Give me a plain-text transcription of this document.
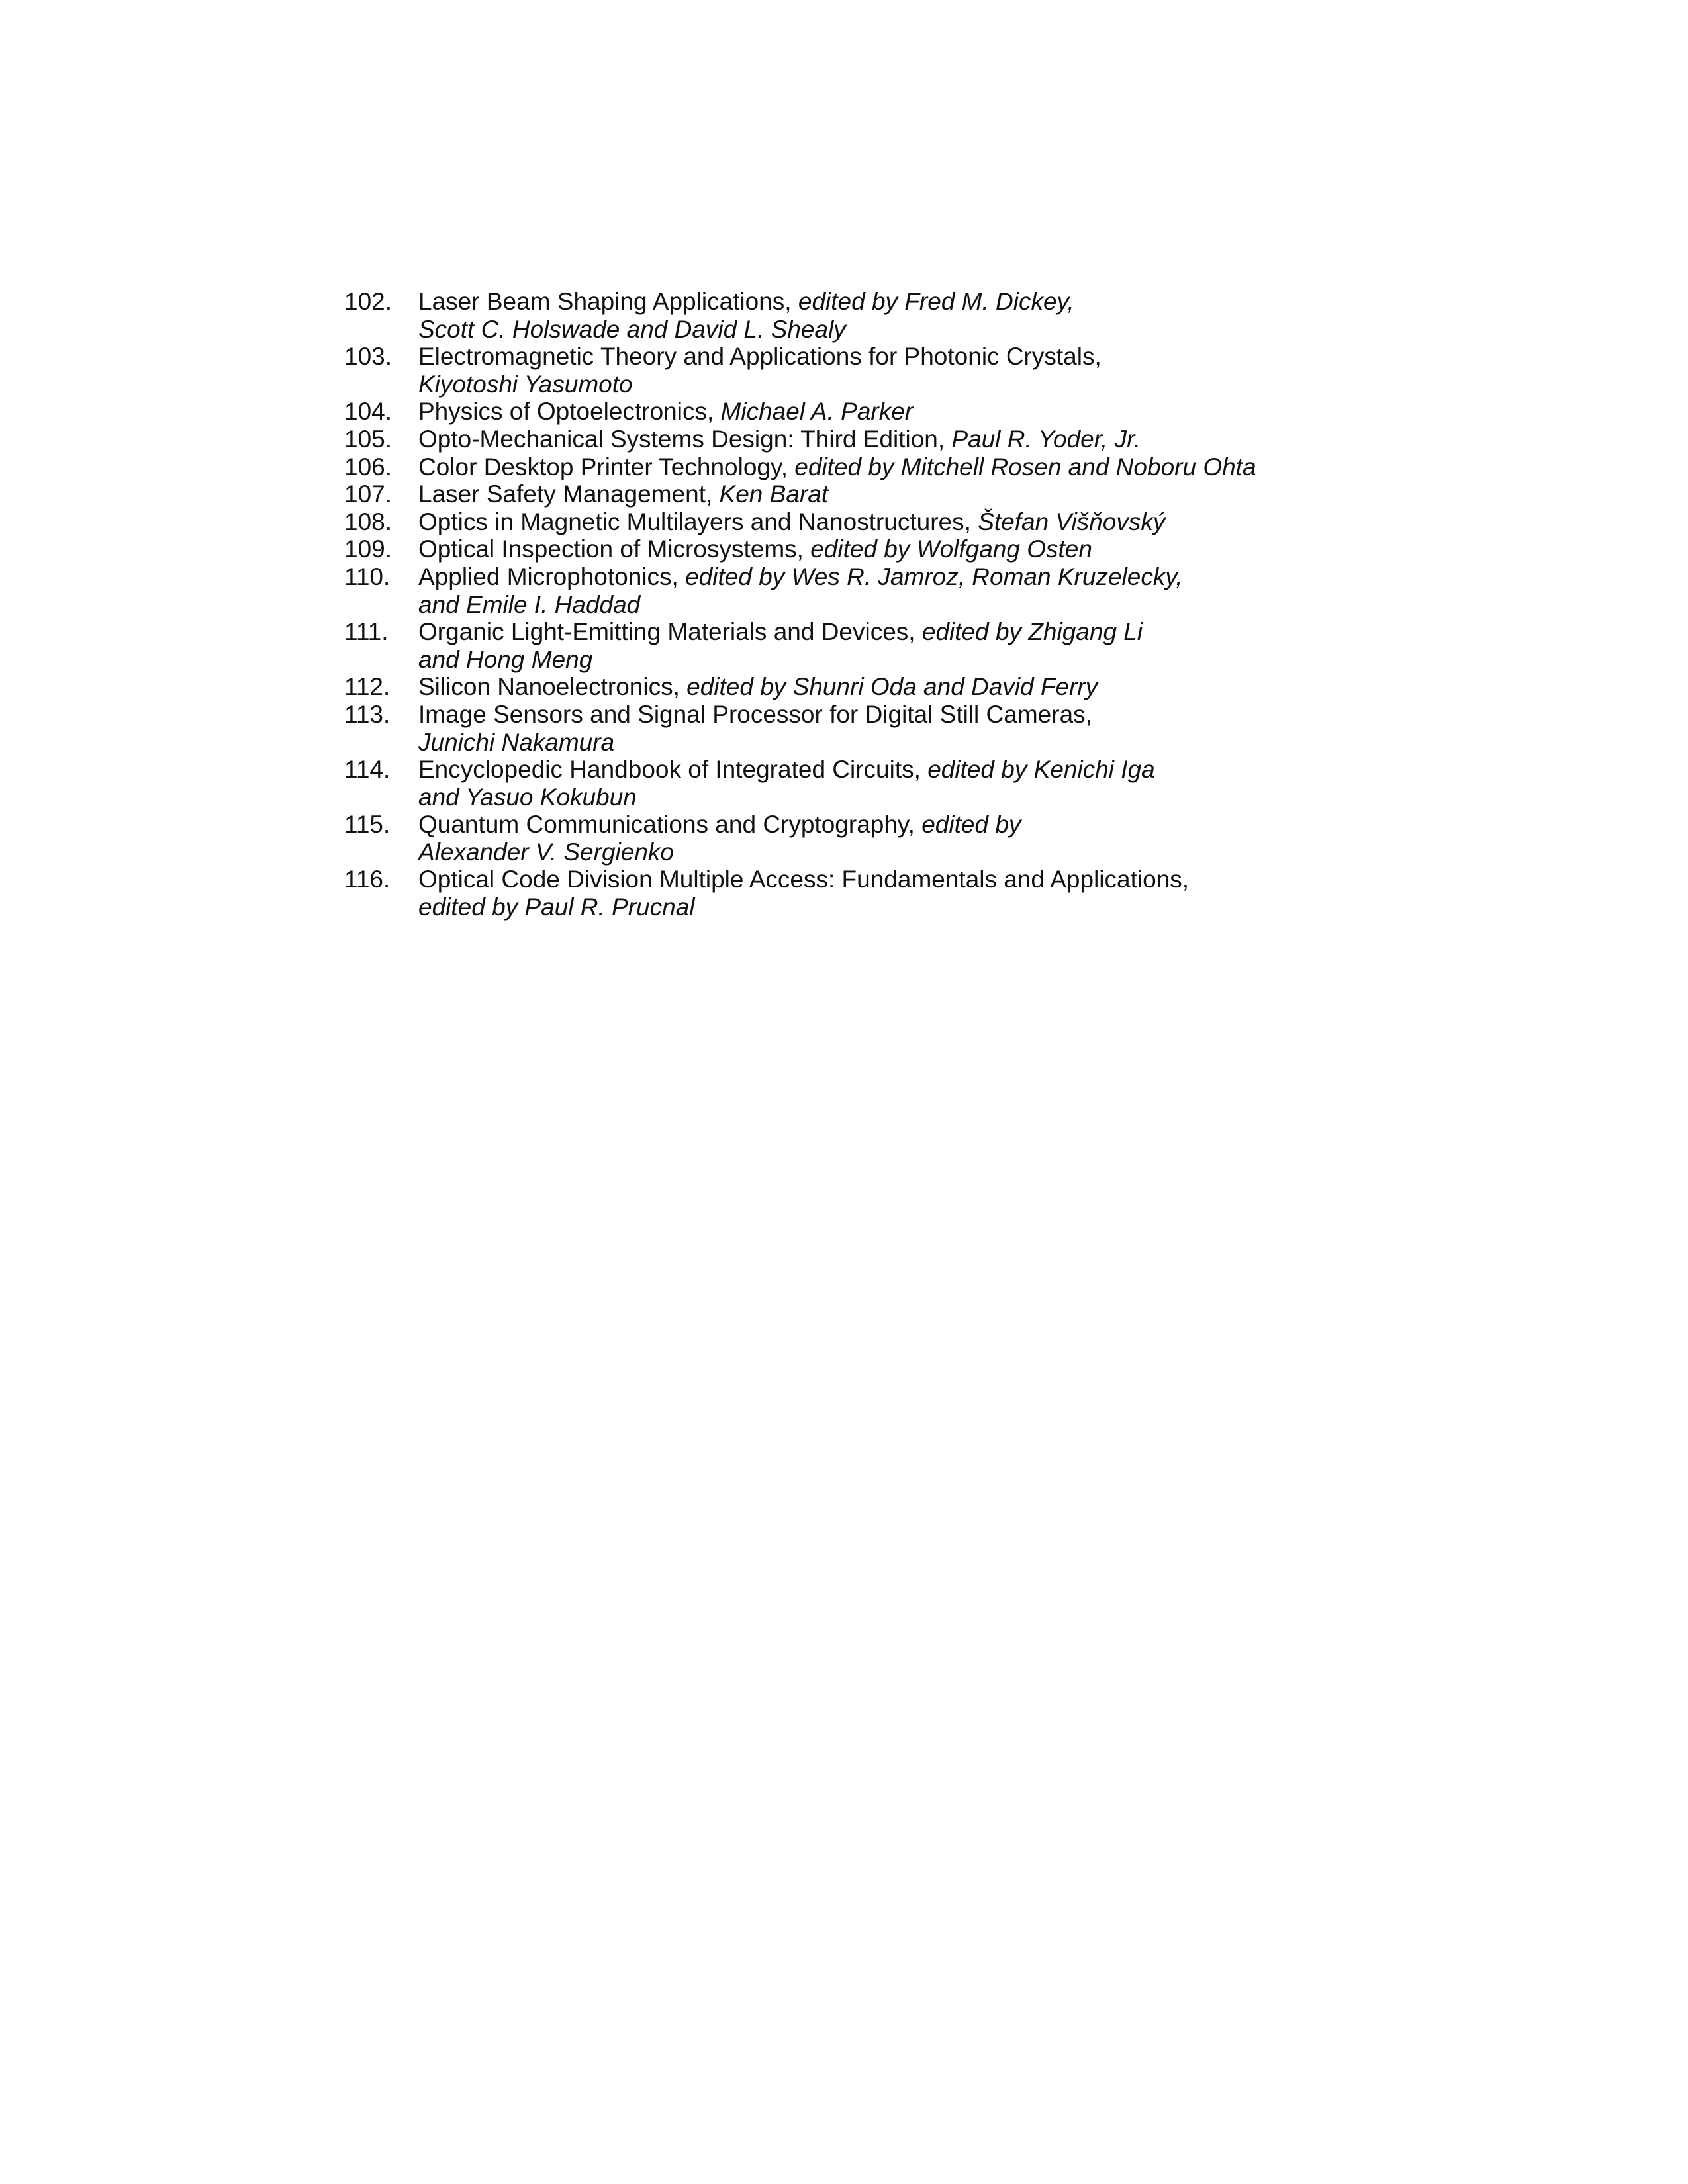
102.	Laser Beam Shaping Applications, edited by Fred M. Dickey,
Scott C. Holswade and David L. Shealy
103.	Electromagnetic Theory and Applications for Photonic Crystals,
Kiyotoshi Yasumoto
104.	Physics of Optoelectronics, Michael A. Parker
105.	Opto-Mechanical Systems Design: Third Edition, Paul R. Yoder, Jr.
106.	Color Desktop Printer Technology, edited by Mitchell Rosen and Noboru Ohta
107.	Laser Safety Management, Ken Barat
108.	Optics in Magnetic Multilayers and Nanostructures, Štefan Višňovský
109.	Optical Inspection of Microsystems, edited by Wolfgang Osten
110.	Applied Microphotonics, edited by Wes R. Jamroz, Roman Kruzelecky,
and Emile I. Haddad
111.	Organic Light-Emitting Materials and Devices, edited by Zhigang Li
and Hong Meng
112.	Silicon Nanoelectronics, edited by Shunri Oda and David Ferry
113.	Image Sensors and Signal Processor for Digital Still Cameras,
Junichi Nakamura
114.	Encyclopedic Handbook of Integrated Circuits, edited by Kenichi Iga
and Yasuo Kokubun
115.	Quantum Communications and Cryptography, edited by
Alexander V. Sergienko
116.	Optical Code Division Multiple Access: Fundamentals and Applications,
edited by Paul R. Prucnal
